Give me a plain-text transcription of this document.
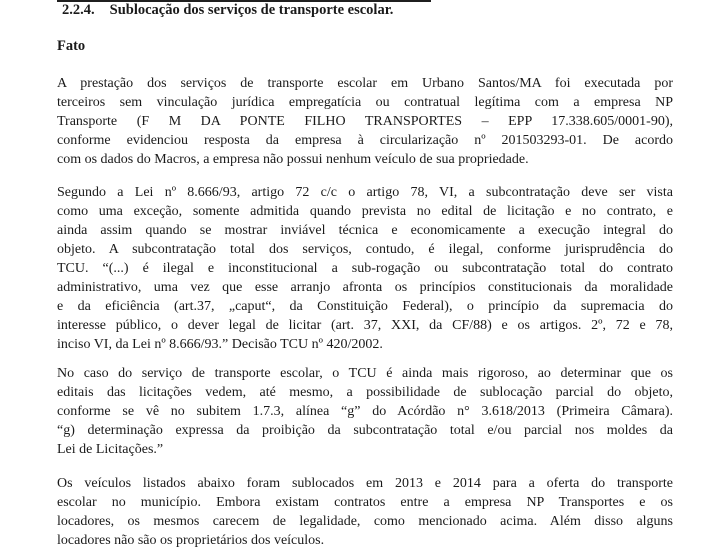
2.2.4. Sublocação dos serviços de transporte escolar.
Fato
A prestação dos serviços de transporte escolar em Urbano Santos/MA foi executada por
terceiros sem vinculação jurídica empregatícia ou contratual legítima com a empresa NP
Transporte (F M DA PONTE FILHO TRANSPORTES – EPP 17.338.605/0001-90),
conforme evidenciou resposta da empresa à circularização nº 201503293-01. De acordo
com os dados do Macros, a empresa não possui nenhum veículo de sua propriedade.
Segundo a Lei nº 8.666/93, artigo 72 c/c o artigo 78, VI, a subcontratação deve ser vista
como uma exceção, somente admitida quando prevista no edital de licitação e no contrato, e
ainda assim quando se mostrar inviável técnica e economicamente a execução integral do
objeto. A subcontratação total dos serviços, contudo, é ilegal, conforme jurisprudência do
TCU. “(...) é ilegal e inconstitucional a sub-rogação ou subcontratação total do contrato
administrativo, uma vez que esse arranjo afronta os princípios constitucionais da moralidade
e da eficiência (art.37, „caput“, da Constituição Federal), o princípio da supremacia do
interesse público, o dever legal de licitar (art. 37, XXI, da CF/88) e os artigos. 2º, 72 e 78,
inciso VI, da Lei nº 8.666/93.” Decisão TCU nº 420/2002.
No caso do serviço de transporte escolar, o TCU é ainda mais rigoroso, ao determinar que os
editais das licitações vedem, até mesmo, a possibilidade de sublocação parcial do objeto,
conforme se vê no subitem 1.7.3, alínea “g” do Acórdão n° 3.618/2013 (Primeira Câmara).
“g) determinação expressa da proibição da subcontratação total e/ou parcial nos moldes da
Lei de Licitações.”
Os veículos listados abaixo foram sublocados em 2013 e 2014 para a oferta do transporte
escolar no município. Embora existam contratos entre a empresa NP Transportes e os
locadores, os mesmos carecem de legalidade, como mencionado acima. Além disso alguns
locadores não são os proprietários dos veículos.
